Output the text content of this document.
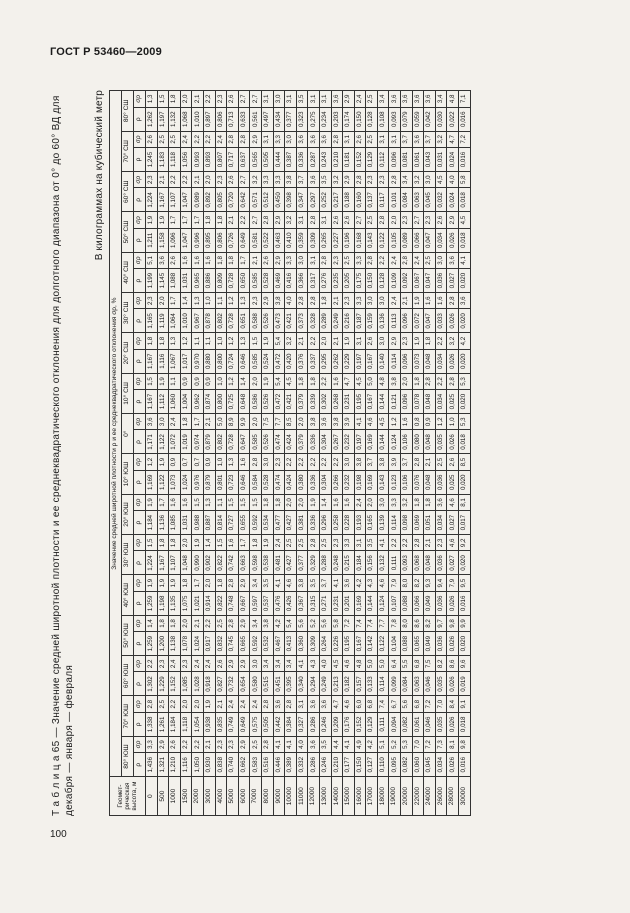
ГОСТ Р 53460—2009
Т а б л и ц а 65 — Значение средней широтной плотности и ее среднеквадратического отклонения для долготного диапазона от 0° до 60° ВД для декабря — января — февраля
В килограммах на кубический метр
Геомет-рическая высота, м	Значение средней широтной плотности ρ и ее среднеквадратического отклонения σρ, %																																	
	80° ЮШ		70° ЮШ		60° ЮШ		50° ЮШ		40° ЮШ		30° ЮШ		20° ЮШ		10° ЮШ		0°		10° СШ		20° СШ		30° СШ		40° СШ		50° СШ		60° СШ		70° СШ		80° СШ	
	ρ	σρ	ρ	σρ	ρ	σρ	ρ	σρ	ρ	σρ	ρ	σρ	ρ	σρ	ρ	σρ	ρ	σρ	ρ	σρ	ρ	σρ	ρ	σρ	ρ	σρ	ρ	σρ	ρ	σρ	ρ	σρ	ρ	σρ
0	1,436	3,3	1,338	2,8	1,302	2,2	1,259	1,4	1,259	1,9	1,224	1,5	1,184	1,9	1,169	1,2	1,171	3,6	1,167	1,5	1,167	1,8	1,165	2,3	1,199	5,1	1,211	1,9	1,224	2,3	1,245	2,6	1,262	1,3
500	1,321	2,9	1,261	2,5	1,229	2,3	1,200	1,8	1,198	1,9	1,167	1,8	1,136	1,7	1,122	1,9	1,122	3,0	1,112	1,9	1,116	1,8	1,119	2,0	1,145	3,6	1,158	1,9	1,167	2,1	1,183	2,5	1,197	1,5
1000	1,210	2,6	1,184	2,2	1,152	2,4	1,138	1,8	1,135	1,9	1,107	1,8	1,085	1,6	1,073	0,9	1,072	2,4	1,060	1,1	1,067	1,3	1,064	1,7	1,088	2,6	1,096	1,7	1,107	2,2	1,118	2,5	1,132	1,8
1500	1,116	2,2	1,118	2,0	1,085	2,3	1,078	2,0	1,075	1,8	1,048	2,0	1,031	1,6	1,024	0,7	1,019	1,8	1,004	0,9	1,017	1,2	1,010	1,4	1,031	1,6	1,047	1,7	1,047	2,2	1,056	2,4	1,068	2,0
2000	1,050	2,2	1,054	2,0	1,028	2,4	1,024	2,1	1,021	1,7	0,990	1,9	0,988	1,5	0,976	0,7	0,974	1,7	0,962	0,9	0,970	1,1	0,967	1,3	0,965	1,6	0,996	1,7	0,989	2,1	0,993	2,2	1,010	2,1
3000	0,930	2,1	0,938	1,9	0,918	2,4	0,917	2,2	0,914	2,0	0,902	1,4	0,887	1,3	0,879	0,9	0,879	2,1	0,874	0,9	0,880	1,1	0,878	1,0	0,886	1,6	0,895	1,8	0,892	2,0	0,893	2,2	0,897	2,2
4000	0,838	2,3	0,835	2,1	0,827	2,6	0,832	2,5	0,822	1,8	0,822	1,5	0,814	1,1	0,801	1,0	0,802	5,0	0,800	1,0	0,800	1,0	0,802	1,1	0,809	1,8	0,806	1,8	0,805	2,3	0,807	2,4	0,806	2,3
5000	0,740	2,3	0,749	2,4	0,732	2,9	0,745	2,8	0,748	2,8	0,742	1,6	0,727	1,5	0,723	1,3	0,728	8,9	0,725	1,2	0,724	1,2	0,728	1,2	0,728	1,8	0,726	2,1	0,720	2,6	0,717	2,8	0,713	2,6
6000	0,662	2,9	0,649	2,4	0,654	2,9	0,665	2,9	0,667	2,9	0,663	1,7	0,655	1,5	0,646	1,6	0,647	9,9	0,648	1,4	0,646	1,3	0,651	1,3	0,650	1,7	0,649	2,2	0,642	2,7	0,637	2,8	0,633	2,7
7000	0,583	2,5	0,575	2,4	0,580	3,0	0,592	3,4	0,597	3,4	0,598	1,8	0,592	1,5	0,584	2,8	0,585	2,0	0,586	2,0	0,585	1,5	0,588	2,3	0,585	2,1	0,581	2,7	0,571	3,2	0,565	2,9	0,561	2,7
8000	0,516	2,8	0,505	2,8	0,515	3,4	0,532	3,8	0,537	3,5	0,538	1,9	0,534	1,8	0,528	3,0	0,526	7,5	0,526	1,9	0,524	1,9	0,526	2,9	0,528	2,6	0,522	2,8	0,512	3,3	0,505	3,1	0,497	3,1
9000	0,446	4,1	0,442	3,6	0,451	3,4	0,467	4,2	0,476	4,1	0,481	2,4	0,477	1,8	0,474	2,3	0,474	7,7	0,472	5,4	0,472	5,4	0,473	3,8	0,469	2,9	0,463	2,9	0,450	3,3	0,444	3,3	0,434	3,0
10000	0,389	4,1	0,384	2,8	0,395	3,4	0,413	5,4	0,426	4,6	0,427	2,5	0,427	2,0	0,424	2,2	0,424	8,5	0,421	4,5	0,420	3,2	0,421	4,0	0,416	3,3	0,410	3,2	0,398	3,8	0,387	3,0	0,377	3,1
11000	0,332	4,0	0,327	3,1	0,340	4,1	0,360	5,6	0,367	3,8	0,377	2,5	0,381	2,0	0,380	2,2	0,379	2,0	0,379	1,8	0,376	2,1	0,373	2,8	0,366	3,0	0,359	3,1	0,347	3,7	0,336	3,6	0,323	3,5
12000	0,286	3,6	0,286	3,6	0,294	4,3	0,309	5,2	0,315	3,5	0,329	2,8	0,336	1,9	0,336	2,2	0,336	3,8	0,339	1,8	0,337	2,2	0,328	2,8	0,317	3,1	0,309	2,8	0,297	3,6	0,287	3,6	0,275	3,1
13000	0,246	3,5	0,246	3,6	0,249	4,0	0,264	5,6	0,271	3,7	0,288	2,5	0,296	1,4	0,304	2,2	0,304	3,6	0,302	2,2	0,295	2,0	0,289	1,8	0,276	2,8	0,265	3,1	0,252	3,5	0,243	3,6	0,234	3,1
14000	0,210	4,4	0,209	4,7	0,213	4,5	0,226	5,8	0,231	4,1	0,248	2,3	0,258	1,6	0,266	2,2	0,267	3,8	0,268	1,6	0,262	2,1	0,249	2,1	0,235	2,3	0,227	2,6	0,217	3,2	0,210	2,8	0,203	3,6
15000	0,177	4,1	0,176	4,6	0,182	4,6	0,195	7,2	0,201	3,6	0,215	3,3	0,228	1,6	0,232	3,0	0,232	3,9	0,231	4,7	0,229	1,9	0,216	2,3	0,205	2,5	0,196	2,6	0,188	2,9	0,181	3,1	0,174	2,9
16000	0,150	4,9	0,152	6,0	0,157	4,8	0,167	7,4	0,169	4,2	0,184	3,1	0,193	2,4	0,198	3,8	0,197	4,1	0,195	4,5	0,197	3,1	0,187	3,3	0,175	3,3	0,168	2,7	0,160	2,8	0,152	2,6	0,150	2,4
17000	0,127	4,2	0,129	6,8	0,133	5,0	0,142	7,4	0,144	4,3	0,156	3,5	0,165	2,0	0,169	3,7	0,169	4,6	0,167	5,0	0,167	2,6	0,159	3,0	0,150	2,8	0,143	2,5	0,137	2,3	0,129	2,5	0,128	2,5
18000	0,110	5,1	0,111	7,4	0,114	5,0	0,122	7,7	0,124	4,6	0,132	4,1	0,139	3,0	0,143	3,8	0,144	4,5	0,144	4,8	0,140	3,0	0,136	3,0	0,128	2,2	0,122	2,8	0,117	2,3	0,112	3,1	0,108	3,4
19000	0,095	5,2	0,094	6,7	0,099	6,4	0,104	7,8	0,107	7,9	0,111	2,2	0,114	3,3	0,123	3,9	0,124	1,2	0,121	3,8	0,114	2,9	0,113	2,4	0,109	2,4	0,105	2,0	0,101	2,8	0,096	3,1	0,093	3,6
20000	0,082	5,3	0,082	5,6	0,084	5,5	0,088	8,0	0,088	8,0	0,093	2,2	0,098	3,2	0,106	3,7	0,106	1,6	0,096	2,0	0,096	2,3	0,096	2,1	0,092	2,8	0,089	2,3	0,084	3,4	0,081	3,7	0,079	3,6
22000	0,060	7,0	0,061	6,8	0,063	6,8	0,065	8,6	0,066	8,2	0,068	2,8	0,069	1,8	0,076	2,8	0,080	0,8	0,078	1,8	0,073	1,9	0,072	1,9	0,067	2,4	0,066	2,7	0,063	3,2	0,061	3,6	0,059	3,6
24000	0,045	7,2	0,046	7,2	0,046	7,5	0,049	8,2	0,049	9,3	0,048	2,1	0,051	1,8	0,048	2,1	0,048	0,9	0,048	2,8	0,048	1,8	0,047	1,6	0,047	2,5	0,047	2,3	0,045	3,0	0,043	3,7	0,042	3,6
26000	0,034	7,3	0,035	7,0	0,035	8,2	0,036	9,7	0,036	9,4	0,036	2,3	0,034	3,6	0,036	2,5	0,035	1,2	0,034	2,2	0,034	2,2	0,033	1,6	0,036	3,0	0,034	2,6	0,032	4,5	0,031	3,2	0,030	3,4
28000	0,026	8,1	0,026	8,4	0,026	8,6	0,026	9,8	0,026	7,9	0,027	4,6	0,027	4,6	0,025	2,6	0,026	1,0	0,025	2,8	0,026	3,2	0,026	2,8	0,027	3,6	0,026	2,9	0,024	4,0	0,024	4,7	0,022	4,8
30000	0,016	9,8	0,018	9,1	0,019	9,6	0,020	9,9	0,016	9,5	0,020	9,2	0,017	8,1	0,020	8,5	0,018	5,3	0,020	5,3	0,020	4,2	0,020	3,6	0,020	4,1	0,018	4,5	0,018	5,8	0,016	7,2	0,016	7,1
100
